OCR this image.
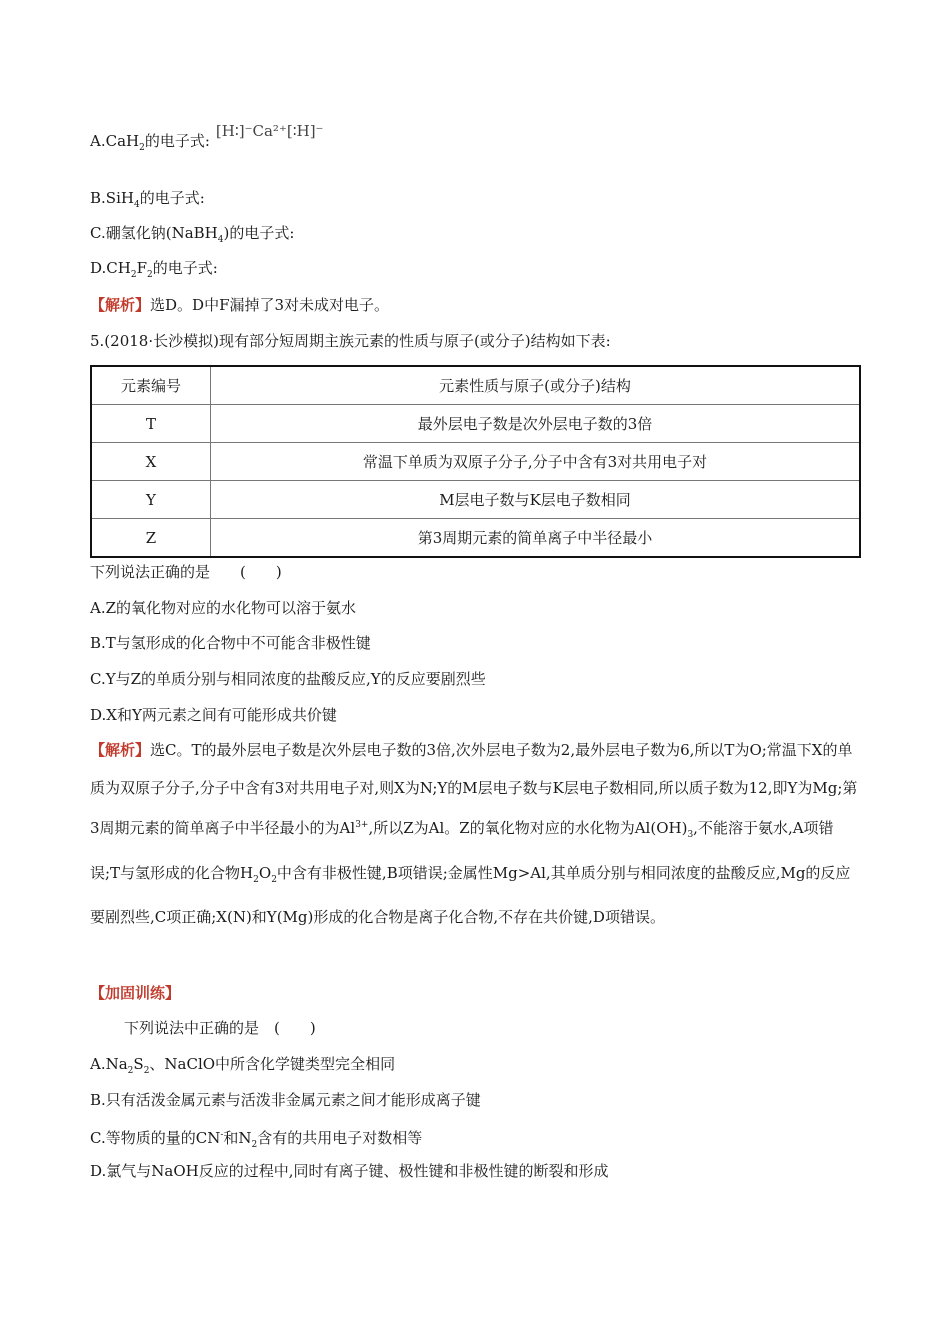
A.CaH$_2$的电子式:[H∶]⁻Ca²⁺[∶H]⁻
B.SiH$_4$的电子式:
C.硼氢化钠(NaBH$_4$)的电子式:
$D.CH_2F_2$的电子式:
【解析】选D。D中F漏掉了3对未成对电子。
5.(2018·长沙模拟)现有部分短周期主族元素的性质与原子(或分子)结构如下表:
元素编号	元素性质与原子(或分子)结构
T	最外层电子数是次外层电子数的3倍
X	常温下单质为双原子分子,分子中含有3对共用电子对
Y	M层电子数与K层电子数相同
Z	第3周期元素的简单离子中半径最小
下列说法正确的是　　(　　)
A.Z的氧化物对应的水化物可以溶于氨水
B.T与氢形成的化合物中不可能含非极性键
C.Y与Z的单质分别与相同浓度的盐酸反应,Y的反应要剧烈些
D.X和Y两元素之间有可能形成共价键
【解析】选C。T的最外层电子数是次外层电子数的3倍,次外层电子数为2,最外层电子数为6,所以T为O;常温下X的单质为双原子分子,分子中含有3对共用电子对,则X为N;Y的M层电子数与K层电子数相同,所以质子数为12,即Y为Mg;第3周期元素的简单离子中半径最小的为$Al^{3+}$,所以Z为Al。Z的氧化物对应的水化物为$Al(OH)_3$,不能溶于氨水,A项错误;T与氢形成的化合物$H_2O_2$中含有非极性键,B项错误;金属性Mg>Al,其单质分别与相同浓度的盐酸反应,Mg的反应要剧烈些,C项正确;X(N)和Y(Mg)形成的化合物是离子化合物,不存在共价键,D项错误。
【加固训练】
下列说法中正确的是　(　　)
$A.Na_2S_2$、NaClO中所含化学键类型完全相同
B.只有活泼金属元素与活泼非金属元素之间才能形成离子键
C.等物质的量的CN-和$N_2$含有的共用电子对数相等
D.氯气与NaOH反应的过程中,同时有离子键、极性键和非极性键的断裂和形成
